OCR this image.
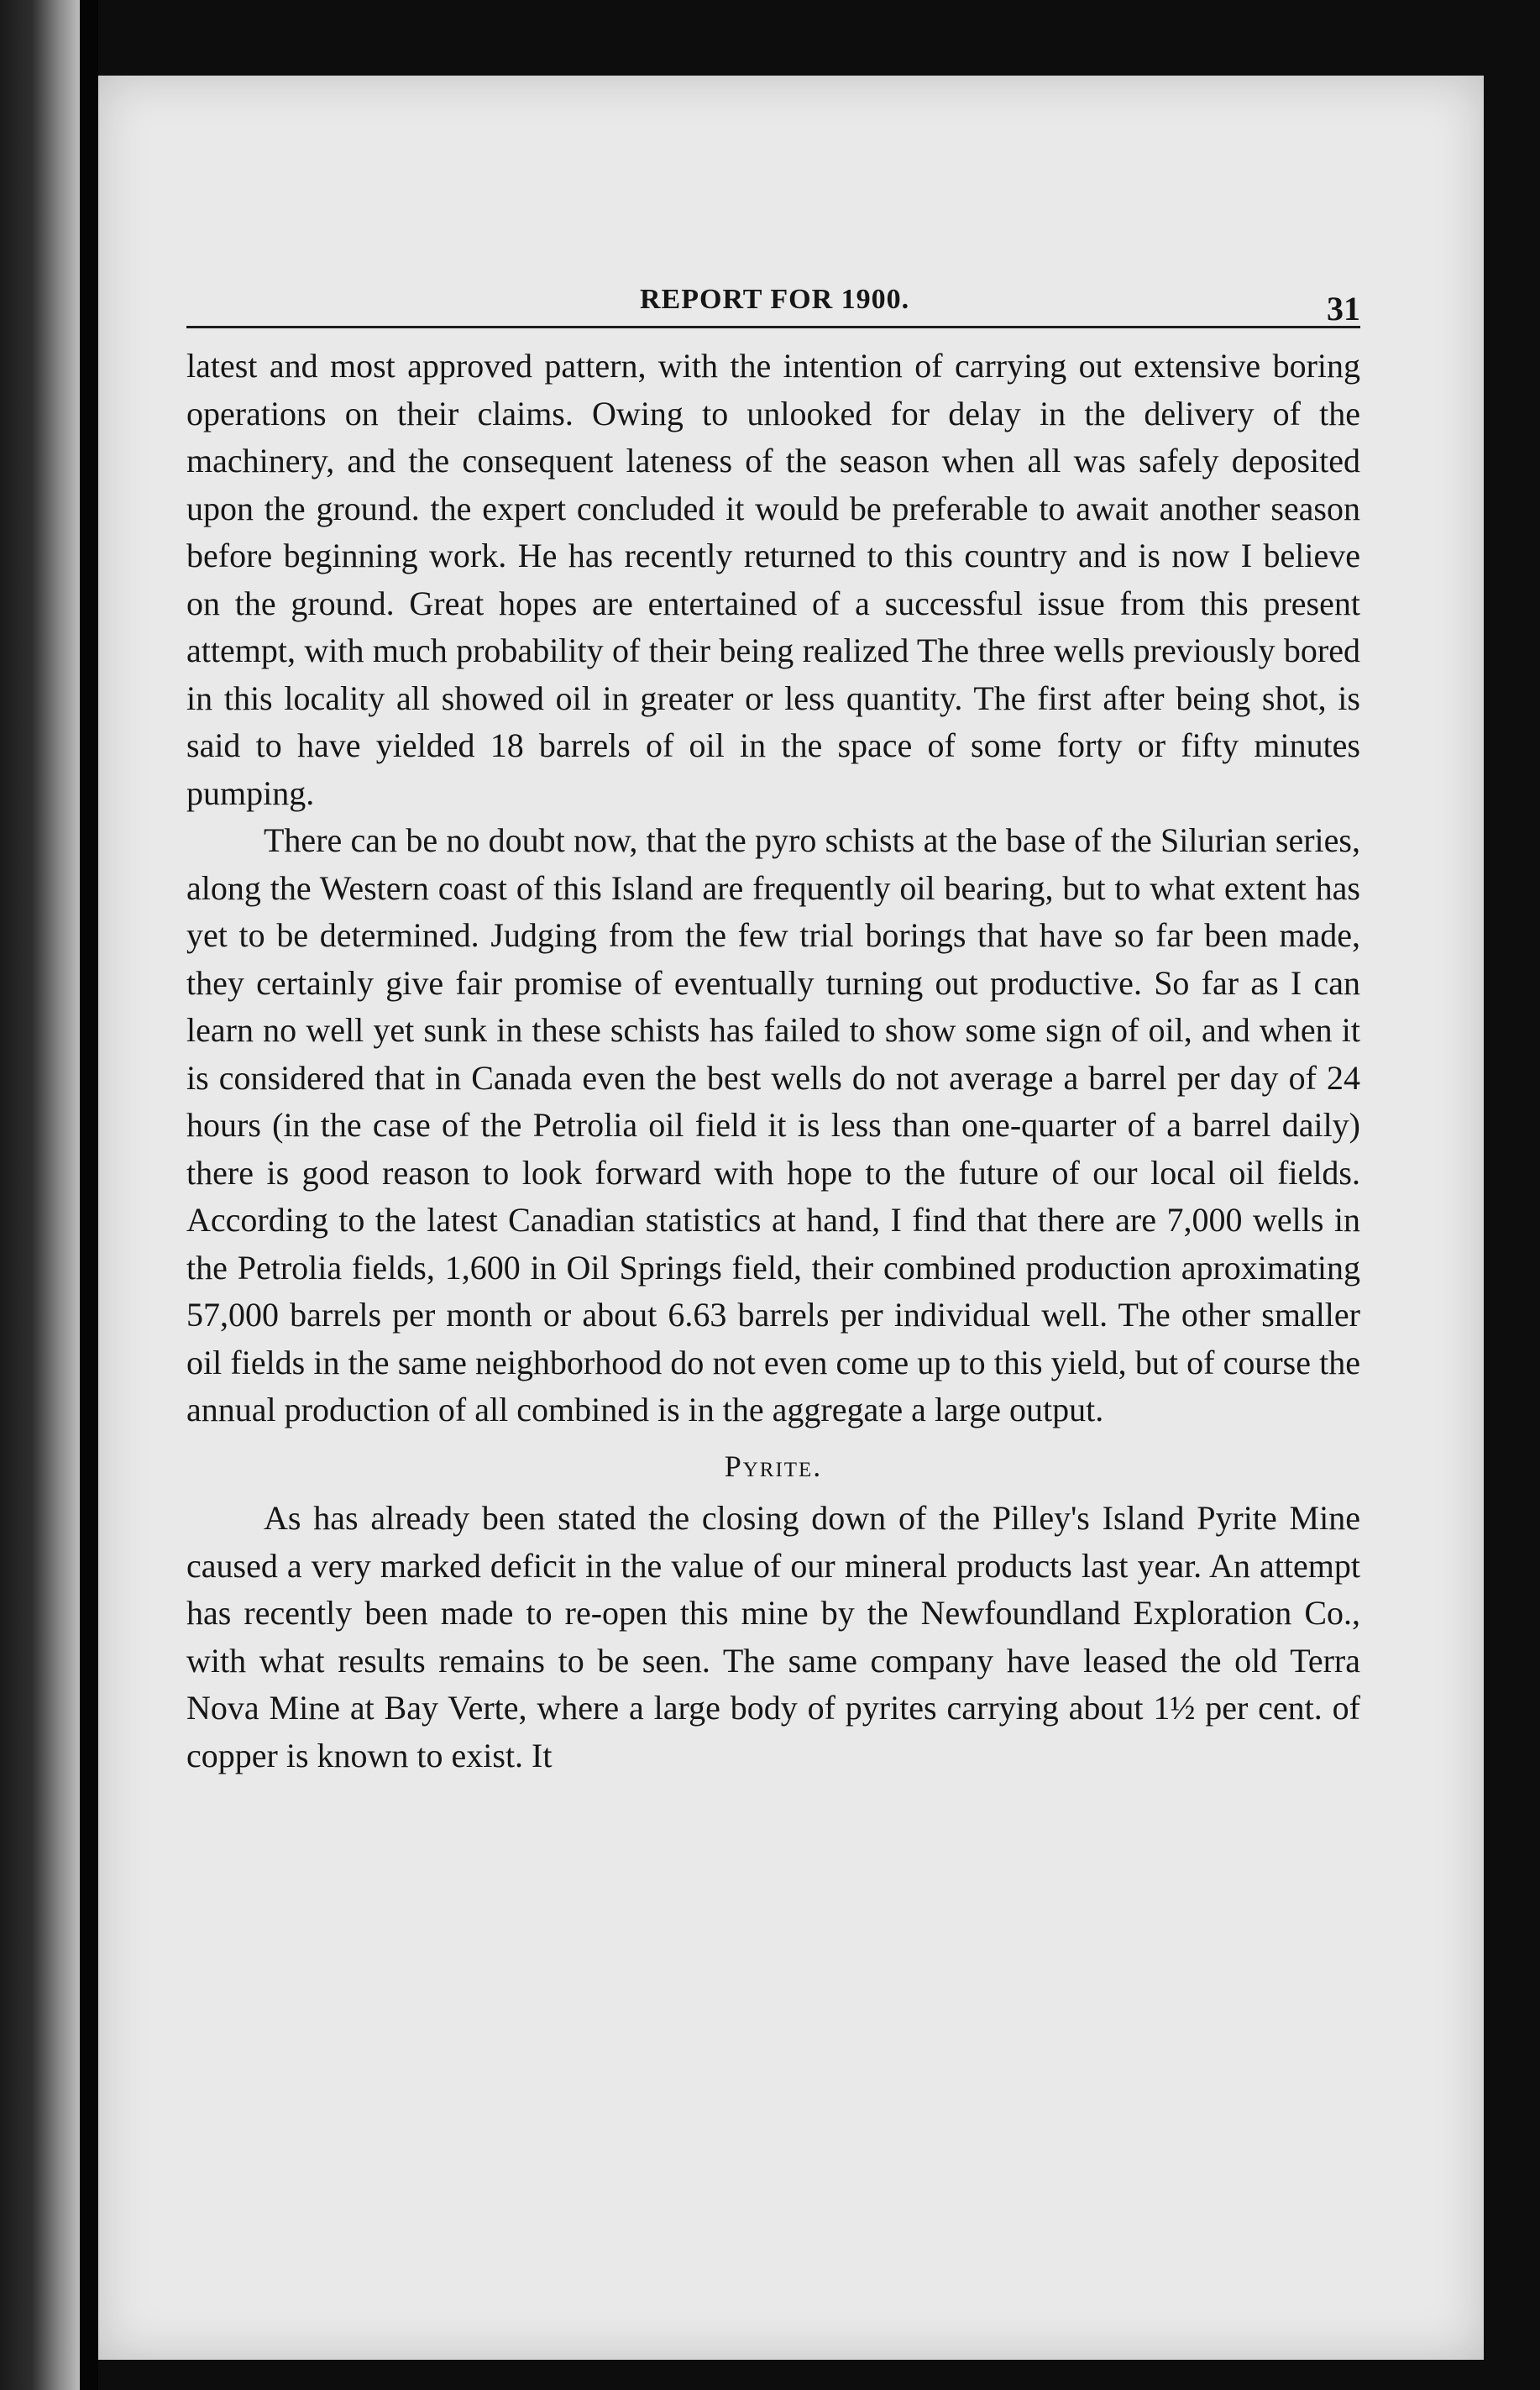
REPORT FOR 1900.	31

latest and most approved pattern, with the intention of carrying out extensive boring operations on their claims. Owing to unlooked for delay in the delivery of the machinery, and the consequent lateness of the season when all was safely deposited upon the ground. the expert concluded it would be preferable to await another season before beginning work. He has recently returned to this country and is now I believe on the ground. Great hopes are entertained of a successful issue from this present attempt, with much probability of their being realized The three wells previously bored in this locality all showed oil in greater or less quantity. The first after being shot, is said to have yielded 18 barrels of oil in the space of some forty or fifty minutes pumping.

There can be no doubt now, that the pyro schists at the base of the Silurian series, along the Western coast of this Island are frequently oil bearing, but to what extent has yet to be determined. Judging from the few trial borings that have so far been made, they certainly give fair promise of eventually turning out productive. So far as I can learn no well yet sunk in these schists has failed to show some sign of oil, and when it is considered that in Canada even the best wells do not average a barrel per day of 24 hours (in the case of the Petrolia oil field it is less than one-quarter of a barrel daily) there is good reason to look forward with hope to the future of our local oil fields. According to the latest Canadian statistics at hand, I find that there are 7,000 wells in the Petrolia fields, 1,600 in Oil Springs field, their combined production aproximating 57,000 barrels per month or about 6.63 barrels per individual well. The other smaller oil fields in the same neighborhood do not even come up to this yield, but of course the annual production of all combined is in the aggregate a large output.

Pyrite.

As has already been stated the closing down of the Pilley's Island Pyrite Mine caused a very marked deficit in the value of our mineral products last year. An attempt has recently been made to re-open this mine by the Newfoundland Exploration Co., with what results remains to be seen. The same company have leased the old Terra Nova Mine at Bay Verte, where a large body of pyrites carrying about 1½ per cent. of copper is known to exist. It
